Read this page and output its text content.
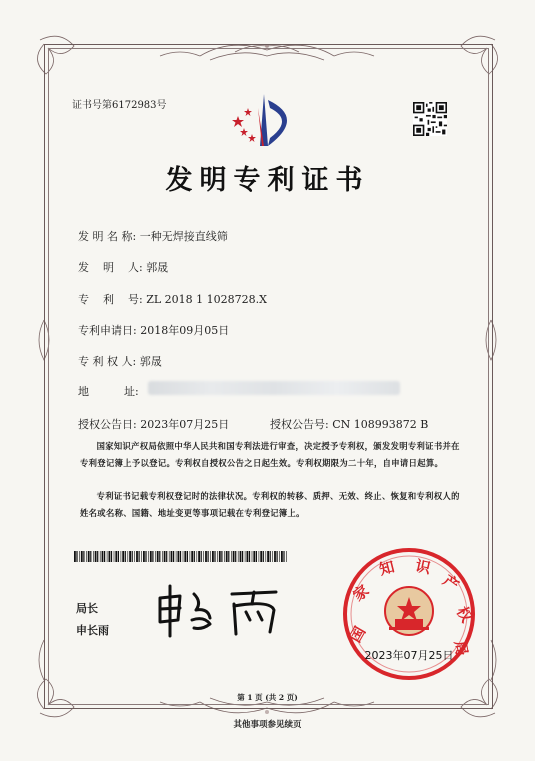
证书号第6172983号
发明专利证书
发 明 名 称: 一种无焊接直线筛
发    明    人: 郭晟
专    利    号: ZL 2018 1 1028728.X
专利申请日: 2018年09月05日
专 利 权 人: 郭晟
地          址:
授权公告日: 2023年07月25日	授权公告号: CN 108993872 B
国家知识产权局依照中华人民共和国专利法进行审查，决定授予专利权，颁发发明专利证书并在专利登记簿上予以登记。专利权自授权公告之日起生效。专利权期限为二十年，自申请日起算。
专利证书记载专利权登记时的法律状况。专利权的转移、质押、无效、终止、恢复和专利权人的姓名或名称、国籍、地址变更等事项记载在专利登记簿上。
局长
申长雨	国
家
知 识
产
权
局
2023年07月25日
第 1 页 (共 2 页)
其他事项参见续页
